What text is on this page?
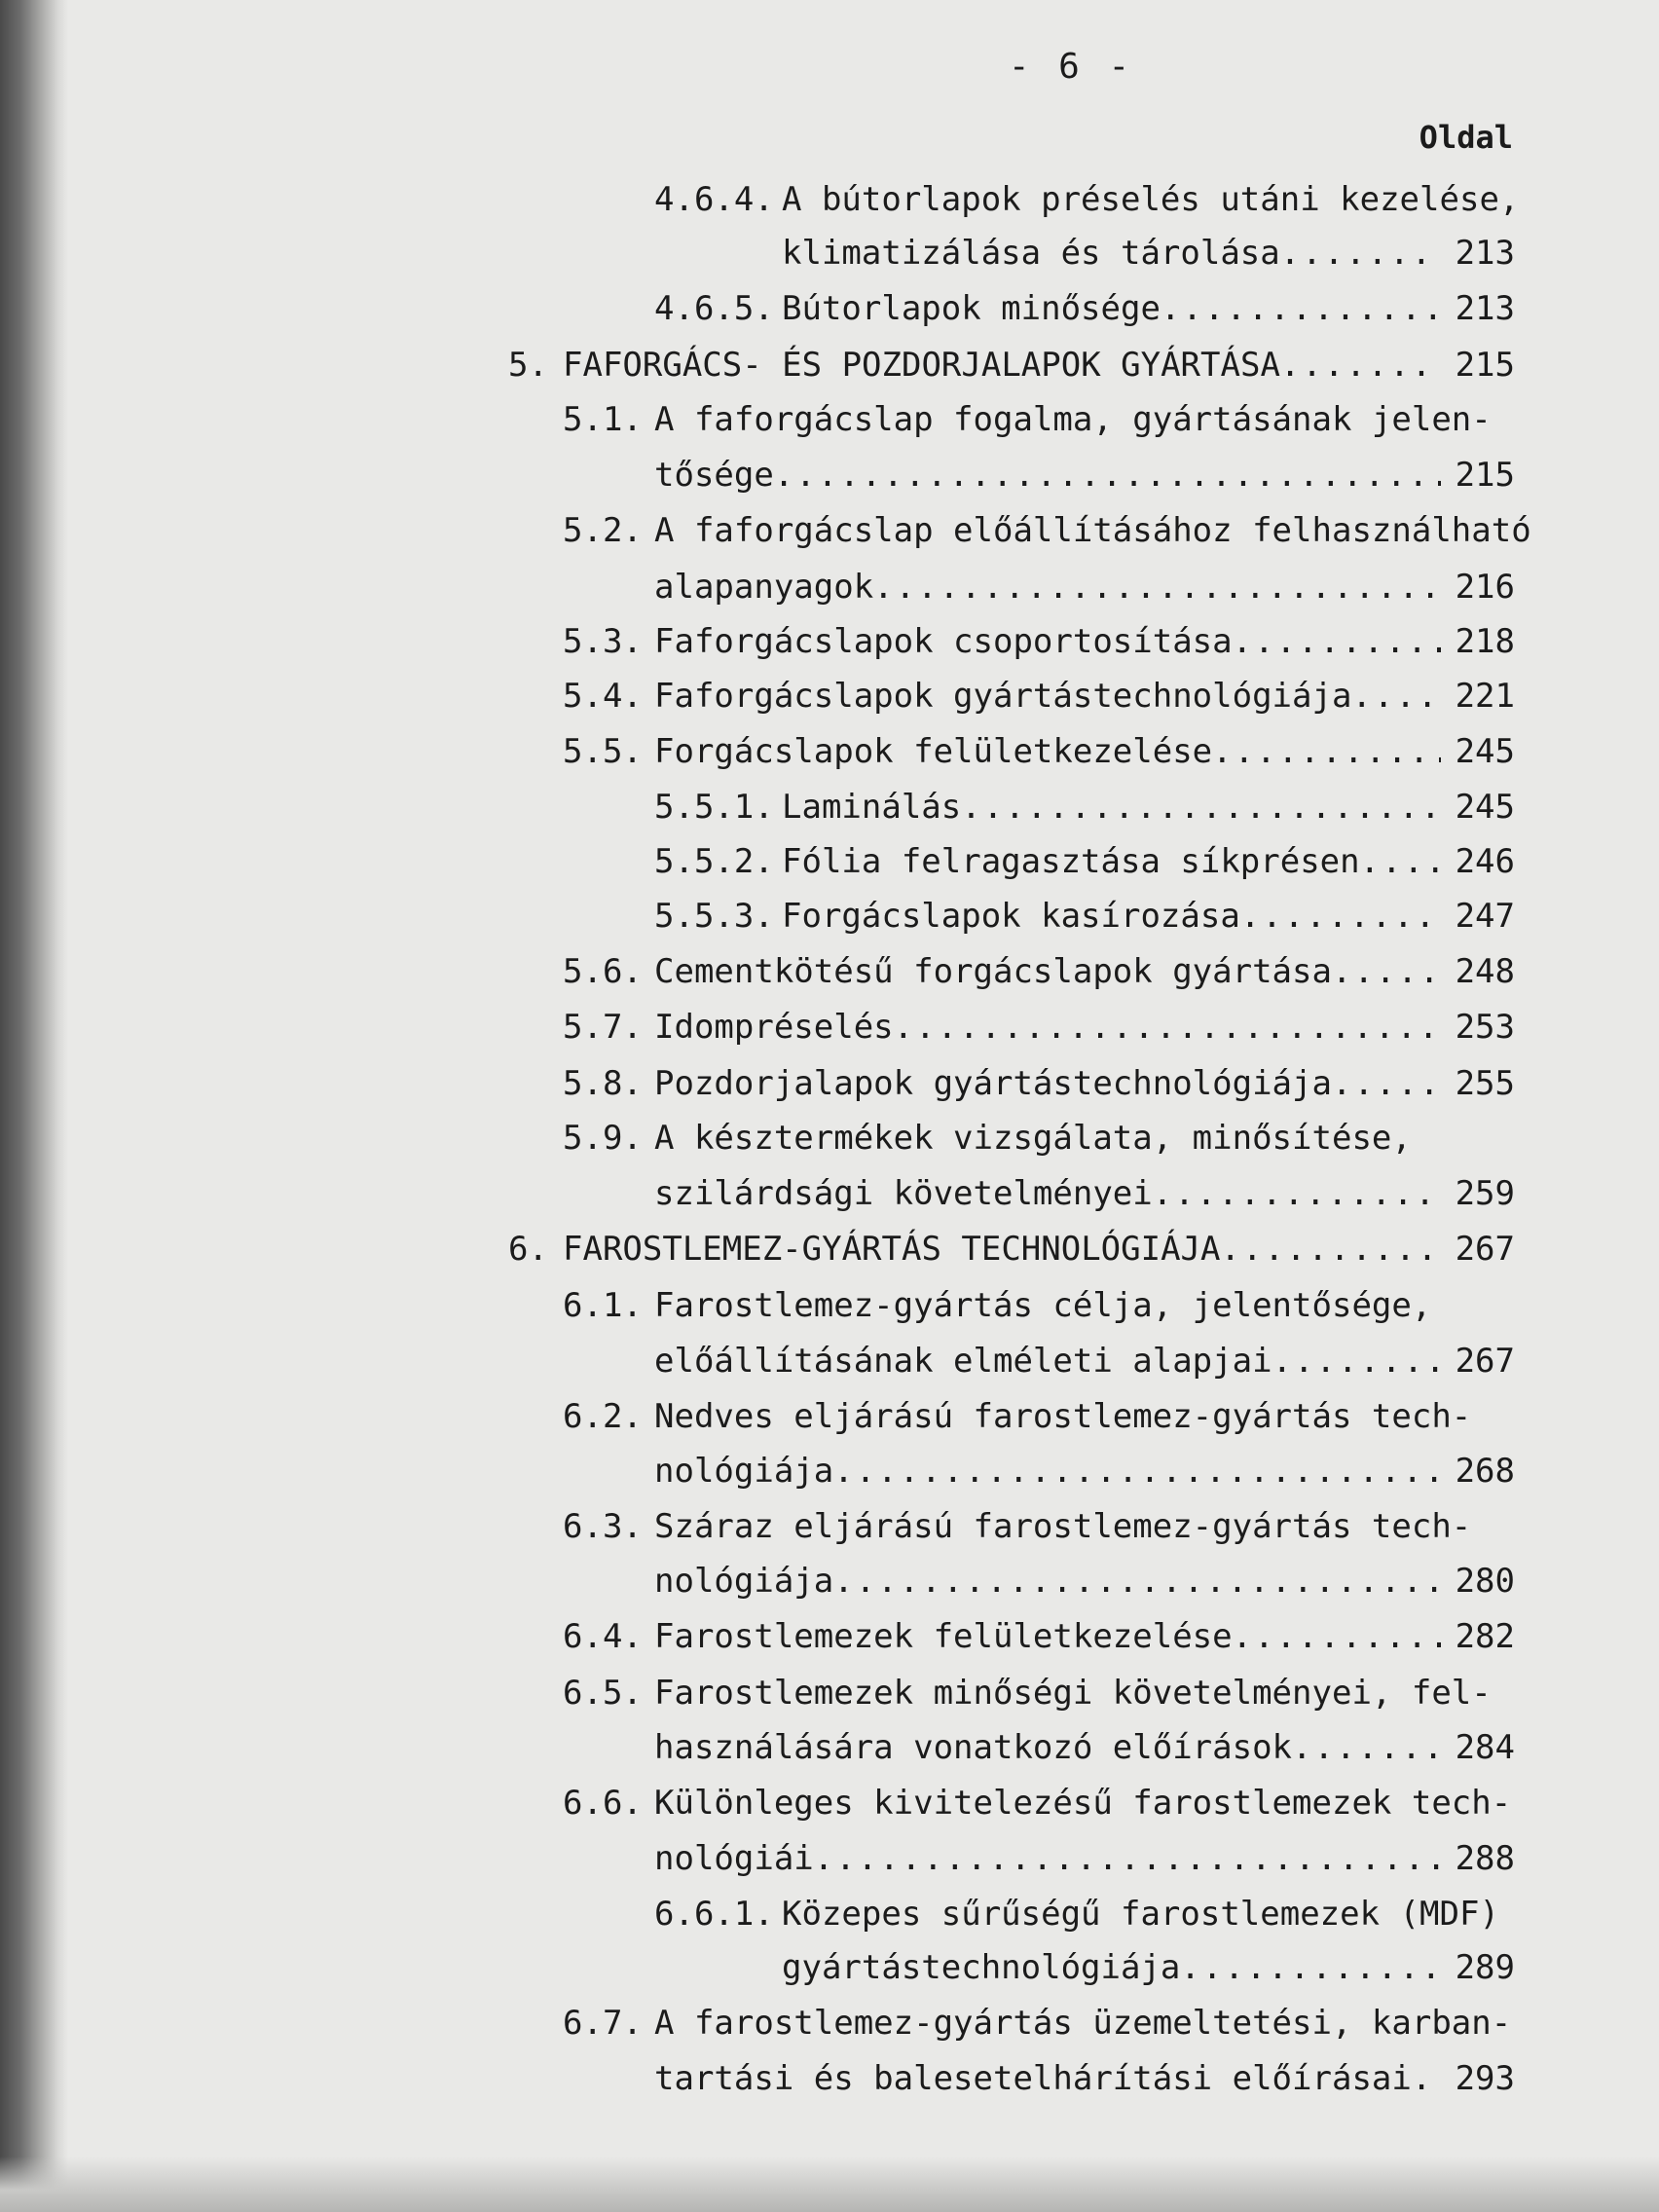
- 6 -
Oldal
4.6.4. A bútorlapok préselés utáni kezelése,
klimatizálása és tárolása .....	213
4.6.5. Bútorlapok minősége .....	213
5. FAFORGÁCS- ÉS POZDORJALAPOK GYÁRTÁSA .....	215
5.1. A faforgácslap fogalma, gyártásának jelen-
tősége .....	215
5.2. A faforgácslap előállításához felhasználható
alapanyagok .....	216
5.3. Faforgácslapok csoportosítása .....	218
5.4. Faforgácslapok gyártástechnológiája .....	221
5.5. Forgácslapok felületkezelése .....	245
5.5.1. Laminálás .....	245
5.5.2. Fólia felragasztása síkprésen .....	246
5.5.3. Forgácslapok kasírozása .....	247
5.6. Cementkötésű forgácslapok gyártása .....	248
5.7. Idompréselés .....	253
5.8. Pozdorjalapok gyártástechnológiája .....	255
5.9. A késztermékek vizsgálata, minősítése,
szilárdsági követelményei .....	259
6. FAROSTLEMEZ-GYÁRTÁS TECHNOLÓGIÁJA .....	267
6.1. Farostlemez-gyártás célja, jelentősége,
előállításának elméleti alapjai .....	267
6.2. Nedves eljárású farostlemez-gyártás tech-
nológiája .....	268
6.3. Száraz eljárású farostlemez-gyártás tech-
nológiája .....	280
6.4. Farostlemezek felületkezelése .....	282
6.5. Farostlemezek minőségi követelményei, fel-
használására vonatkozó előírások .....	284
6.6. Különleges kivitelezésű farostlemezek tech-
nológiái .....	288
6.6.1. Közepes sűrűségű farostlemezek (MDF)
gyártástechnológiája .....	289
6.7. A farostlemez-gyártás üzemeltetési, karban-
tartási és balesetelhárítási előírásai ..... 293
